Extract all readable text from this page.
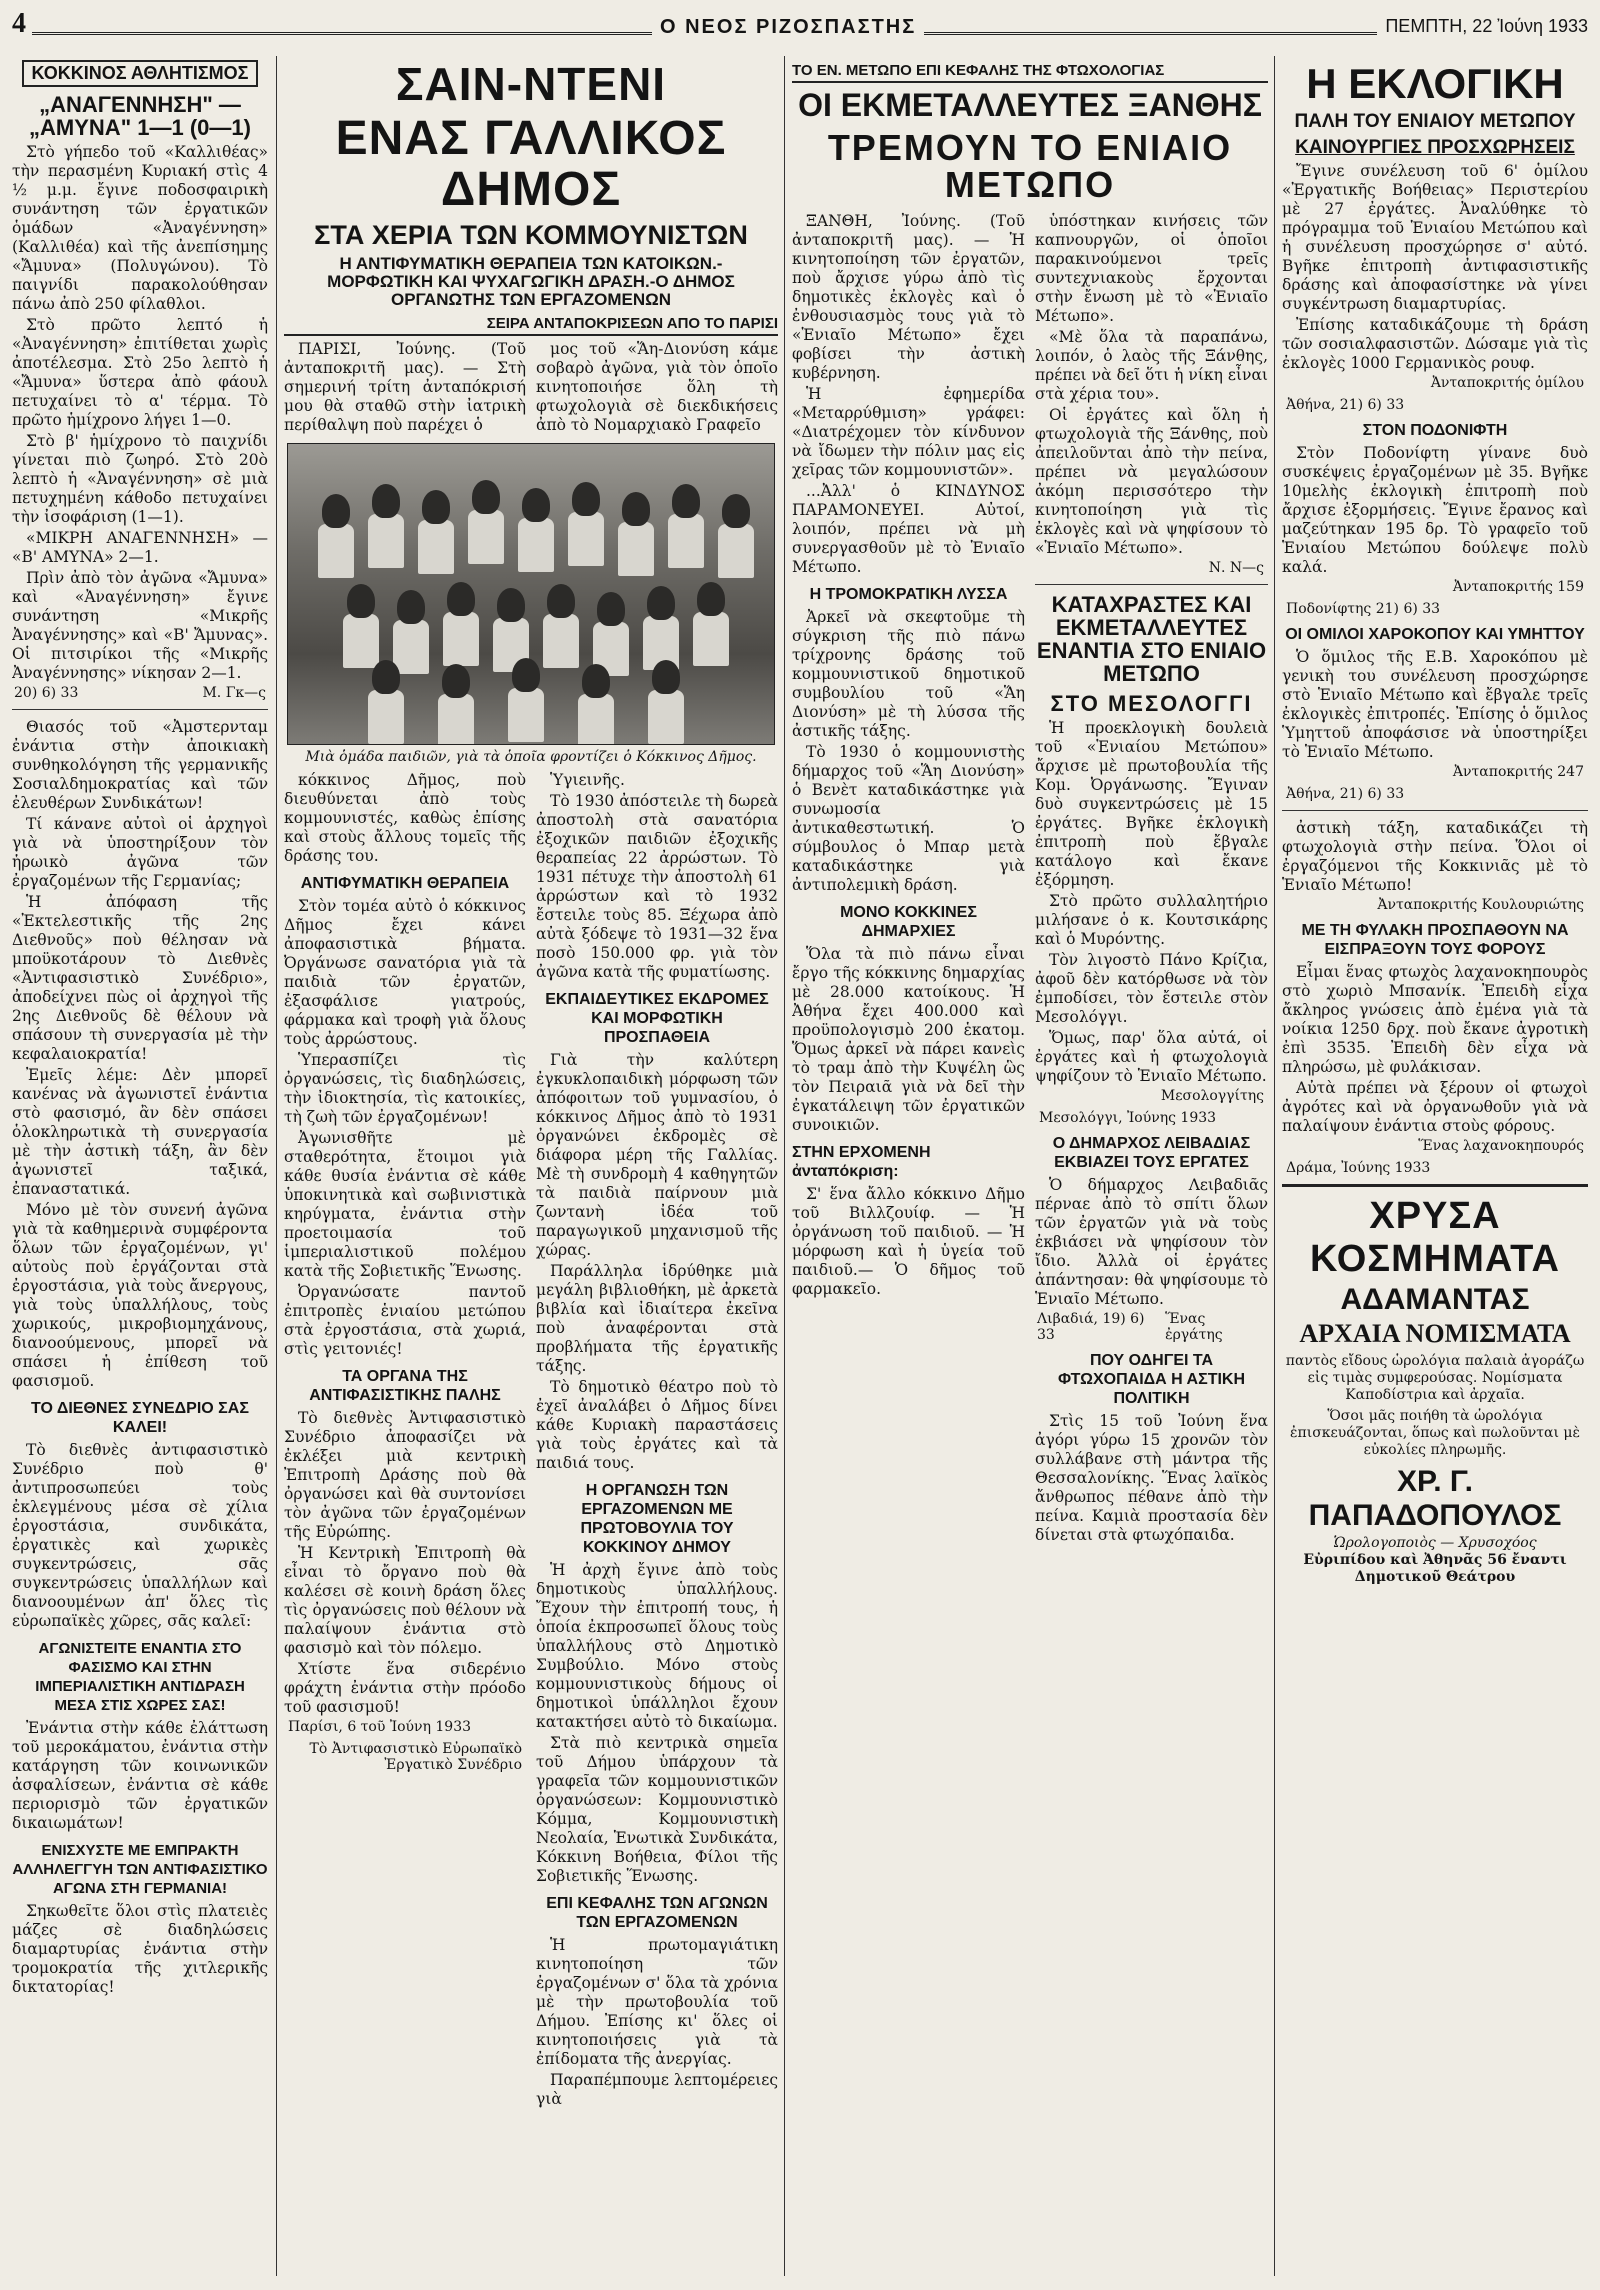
4	Ο ΝΕΟΣ ΡΙΖΟΣΠΑΣΤΗΣ	ΠΕΜΠΤΗ, 22 Ἰούνη 1933
ΚΟΚΚΙΝΟΣ ΑΘΛΗΤΙΣΜΟΣ
„ΑΝΑΓΕΝΝΗΣΗ" — „ΑΜΥΝΑ" 1—1 (0—1)

Στὸ γήπεδο τοῦ «Καλλιθέας» τὴν περασμένη Κυριακή στὶς 4 ½ μ.μ. ἔγινε ποδοσφαιρικὴ συνάντηση τῶν ἐργατικῶν ὁμάδων «Ἀναγέννηση» (Καλλιθέα) καὶ τῆς ἀνεπίσημης «Ἄμυνα» (Πολυγώνου). Τὸ παιγνίδι παρακολούθησαν πάνω ἀπὸ 250 φίλαθλοι.

Στὸ πρῶτο λεπτό ἡ «Ἀναγέννηση» ἐπιτίθεται χωρὶς ἀποτέλεσμα. Στὸ 25ο λεπτὸ ἡ «Ἄμυνα» ὕστερα ἀπὸ φάουλ πετυχαίνει τὸ α' τέρμα. Τὸ πρῶτο ἡμίχρονο λήγει 1—0.

Στὸ β' ἡμίχρονο τὸ παιχνίδι γίνεται πιὸ ζωηρό. Στὸ 20ὸ λεπτὸ ἡ «Ἀναγέννηση» σὲ μιὰ πετυχημένη κάθοδο πετυχαίνει τὴν ἰσοφάριση (1—1).

«ΜΙΚΡΗ ΑΝΑΓΕΝΝΗΣΗ» — «Β' ΑΜΥΝΑ» 2—1.

Πρὶν ἀπὸ τὸν ἀγῶνα «Ἄμυνα» καὶ «Ἀναγέννηση» ἔγινε συνάντηση «Μικρῆς Ἀναγέννησης» καὶ «Β' Ἄμυνας». Οἱ πιτσιρίκοι τῆς «Μικρῆς Ἀναγέννησης» νίκησαν 2—1.

20) 6) 33	Μ. Γκ—ς

Θιασός τοῦ «Ἀμστερνταμ ἐνάντια στὴν ἀποικιακὴ συνθηκολόγηση τῆς γερμανικῆς Σοσιαλδημοκρατίας καὶ τῶν ἐλευθέρων Συνδικάτων!

Τί κάνανε αὐτοὶ οἱ ἀρχηγοὶ γιὰ νὰ ὑποστηρίξουν τὸν ἡρωικὸ ἀγῶνα τῶν ἐργαζομένων τῆς Γερμανίας;

Ἡ ἀπόφαση τῆς «Ἐκτελεστικῆς τῆς 2ης Διεθνοῦς» ποὺ θέλησαν νὰ μποϋκοτάρουν τὸ Διεθνὲς «Ἀντιφασιστικὸ Συνέδριο», ἀποδείχνει πὼς οἱ ἀρχηγοὶ τῆς 2ης Διεθνοῦς δὲ θέλουν νὰ σπάσουν τὴ συνεργασία μὲ τὴν κεφαλαιοκρατία!

Ἐμεῖς λέμε: Δὲν μπορεῖ κανένας νὰ ἀγωνιστεῖ ἐνάντια στὸ φασισμό, ἂν δὲν σπάσει ὁλοκληρωτικὰ τὴ συνεργασία μὲ τὴν ἀστικὴ τάξη, ἂν δὲν ἀγωνιστεῖ ταξικά, ἐπαναστατικά.

Μόνο μὲ τὸν συνενή ἀγῶνα γιὰ τὰ καθημερινὰ συμφέροντα ὅλων τῶν ἐργαζομένων, γι' αὐτοὺς ποὺ ἐργάζονται στὰ ἐργοστάσια, γιὰ τοὺς ἄνεργους, γιὰ τοὺς ὑπαλλήλους, τοὺς χωρικούς, μικροβιομηχάνους, διανοούμενους, μπορεῖ νὰ σπάσει ἡ ἐπίθεση τοῦ φασισμοῦ.

ΤΟ ΔΙΕΘΝΕΣ ΣΥΝΕΔΡΙΟ ΣΑΣ ΚΑΛΕΙ!

Τὸ διεθνὲς ἀντιφασιστικὸ Συνέδριο ποὺ θ' ἀντιπροσωπεύει τοὺς ἐκλεγμένους μέσα σὲ χίλια ἐργοστάσια, συνδικάτα, ἐργατικὲς καὶ χωρικὲς συγκεντρώσεις, σᾶς συγκεντρώσεις ὑπαλλήλων καὶ διανοουμένων ἀπ' ὅλες τὶς εὐρωπαϊκὲς χῶρες, σᾶς καλεῖ:

ΑΓΩΝΙΣΤΕΙΤΕ ΕΝΑΝΤΙΑ ΣΤΟ ΦΑΣΙΣΜΟ ΚΑΙ ΣΤΗΝ ΙΜΠΕΡΙΑΛΙΣΤΙΚΗ ΑΝΤΙΔΡΑΣΗ ΜΕΣΑ ΣΤΙΣ ΧΩΡΕΣ ΣΑΣ!

Ἐνάντια στὴν κάθε ἐλάττωση τοῦ μεροκάματου, ἐνάντια στὴν κατάργηση τῶν κοινωνικῶν ἀσφαλίσεων, ἐνάντια σὲ κάθε περιορισμὸ τῶν ἐργατικῶν δικαιωμάτων!

ΕΝΙΣΧΥΣΤΕ ΜΕ ΕΜΠΡΑΚΤΗ ΑΛΛΗΛΕΓΓΥΗ ΤΩΝ ΑΝΤΙΦΑΣΙΣΤΙΚΟ ΑΓΩΝΑ ΣΤΗ ΓΕΡΜΑΝΙΑ!

Σηκωθεῖτε ὅλοι στὶς πλατειὲς μάζες σὲ διαδηλώσεις διαμαρτυρίας ἐνάντια στὴν τρομοκρατία τῆς χιτλερικῆς δικτατορίας!

ΣΑΙΝ-ΝΤΕΝΙ
ΕΝΑΣ ΓΑΛΛΙΚΟΣ ΔΗΜΟΣ
ΣΤΑ ΧΕΡΙΑ ΤΩΝ ΚΟΜΜΟΥΝΙΣΤΩΝ
Η ΑΝΤΙΦΥΜΑΤΙΚΗ ΘΕΡΑΠΕΙΑ ΤΩΝ ΚΑΤΟΙΚΩΝ.-ΜΟΡΦΩΤΙΚΗ ΚΑΙ ΨΥΧΑΓΩΓΙΚΗ ΔΡΑΣΗ.-Ο ΔΗΜΟΣ ΟΡΓΑΝΩΤΗΣ ΤΩΝ ΕΡΓΑΖΟΜΕΝΩΝ
ΣΕΙΡΑ ΑΝΤΑΠΟΚΡΙΣΕΩΝ ΑΠΟ ΤΟ ΠΑΡΙΣΙ

ΠΑΡΙΣΙ, Ἰούνης. (Τοῦ ἀνταποκριτῆ μας). — Στὴ σημερινή τρίτη ἀνταπόκρισή μου θὰ σταθῶ στὴν ἰατρικὴ περίθαλψη ποὺ παρέχει ὁ

μος τοῦ «Ἅη-Διονύση κάμε σοβαρὸ ἀγῶνα, γιὰ τὸν ὁποῖο κινητοποιήσε ὅλη τὴ φτωχολογιὰ σὲ διεκδικήσεις ἀπὸ τὸ Νομαρχιακὸ Γραφεῖο

Μιὰ ὁμάδα παιδιῶν, γιὰ τὰ ὁποῖα φροντίζει ὁ Κόκκινος Δῆμος.

κόκκινος Δῆμος, ποὺ διευθύνεται ἀπὸ τοὺς κομμουνιστές, καθὼς ἐπίσης καὶ στοὺς ἄλλους τομεῖς τῆς δράσης του.

ΑΝΤΙΦΥΜΑΤΙΚΗ ΘΕΡΑΠΕΙΑ

Στὸν τομέα αὐτὸ ὁ κόκκινος Δῆμος ἔχει κάνει ἀποφασιστικὰ βήματα. Ὀργάνωσε σανατόρια γιὰ τὰ παιδιὰ τῶν ἐργατῶν, ἐξασφάλισε γιατρούς, φάρμακα καὶ τροφὴ γιὰ ὅλους τοὺς ἀρρώστους.

Ὑπερασπίζει τὶς ὀργανώσεις, τὶς διαδηλώσεις, τὴν ἰδιοκτησία, τὶς κατοικίες, τὴ ζωὴ τῶν ἐργαζομένων!

Ἀγωνισθῆτε μὲ σταθερότητα, ἕτοιμοι γιὰ κάθε θυσία ἐνάντια σὲ κάθε ὑποκινητικὰ καὶ σωβινιστικὰ κηρύγματα, ἐνάντια στὴν προετοιμασία τοῦ ἱμπεριαλιστικοῦ πολέμου κατὰ τῆς Σοβιετικῆς Ἕνωσης.

Ὀργανώσατε παντοῦ ἐπιτροπὲς ἑνιαίου μετώπου στὰ ἐργοστάσια, στὰ χωριά, στὶς γειτονιές!

ΤΑ ΟΡΓΑΝΑ ΤΗΣ ΑΝΤΙΦΑΣΙΣΤΙΚΗΣ ΠΑΛΗΣ

Τὸ διεθνὲς Ἀντιφασιστικὸ Συνέδριο ἀποφασίζει νὰ ἐκλέξει μιὰ κεντρικὴ Ἐπιτροπὴ Δράσης ποὺ θὰ ὀργανώσει καὶ θὰ συντονίσει τὸν ἀγῶνα τῶν ἐργαζομένων τῆς Εὐρώπης.

Ἡ Κεντρικὴ Ἐπιτροπὴ θὰ εἶναι τὸ ὄργανο ποὺ θὰ καλέσει σὲ κοινὴ δράση ὅλες τὶς ὀργανώσεις ποὺ θέλουν νὰ παλαίψουν ἐνάντια στὸ φασισμὸ καὶ τὸν πόλεμο.

Χτίστε ἕνα σιδερένιο φράχτη ἐνάντια στὴν πρόοδο τοῦ φασισμοῦ!

Παρίσι, 6 τοῦ Ἰούνη 1933

Τὸ Ἀντιφασιστικὸ Εὐρωπαϊκὸ Ἐργατικὸ Συνέδριο

Ὑγιεινῆς.

Τὸ 1930 ἀπόστειλε τὴ δωρεὰ ἀποστολὴ στὰ σανατόρια ἐξοχικῶν παιδιῶν ἐξοχικῆς θεραπείας 22 ἀρρώστων. Τὸ 1931 πέτυχε τὴν ἀποστολὴ 61 ἀρρώστων καὶ τὸ 1932 ἔστειλε τοὺς 85. Ξέχωρα ἀπὸ αὐτὰ ξόδεψε τὸ 1931—32 ἕνα ποσὸ 150.000 φρ. γιὰ τὸν ἀγῶνα κατὰ τῆς φυματίωσης.

ΕΚΠΑΙΔΕΥΤΙΚΕΣ ΕΚΔΡΟΜΕΣ ΚΑΙ ΜΟΡΦΩΤΙΚΗ ΠΡΟΣΠΑΘΕΙΑ

Γιὰ τὴν καλύτερη ἐγκυκλοπαιδικὴ μόρφωση τῶν ἀπόφοιτων τοῦ γυμνασίου, ὁ κόκκινος Δῆμος ἀπὸ τὸ 1931 ὀργανώνει ἐκδρομὲς σὲ διάφορα μέρη τῆς Γαλλίας. Μὲ τὴ συνδρομὴ 4 καθηγητῶν τὰ παιδιὰ παίρνουν μιὰ ζωντανὴ ἰδέα τοῦ παραγωγικοῦ μηχανισμοῦ τῆς χώρας.

Παράλληλα ἱδρύθηκε μιὰ μεγάλη βιβλιοθήκη, μὲ ἀρκετὰ βιβλία καὶ ἰδιαίτερα ἐκεῖνα ποὺ ἀναφέρονται στὰ προβλήματα τῆς ἐργατικῆς τάξης.

Τὸ δημοτικὸ θέατρο ποὺ τὸ ἐχεῖ ἀναλάβει ὁ Δῆμος δίνει κάθε Κυριακὴ παραστάσεις γιὰ τοὺς ἐργάτες καὶ τὰ παιδιά τους.

Η ΟΡΓΑΝΩΣΗ ΤΩΝ ΕΡΓΑΖΟΜΕΝΩΝ ΜΕ ΠΡΩΤΟΒΟΥΛΙΑ ΤΟΥ ΚΟΚΚΙΝΟΥ ΔΗΜΟΥ

Ἡ ἀρχὴ ἔγινε ἀπὸ τοὺς δημοτικοὺς ὑπαλλήλους. Ἔχουν τὴν ἐπιτροπή τους, ἡ ὁποία ἐκπροσωπεῖ ὅλους τοὺς ὑπαλλήλους στὸ Δημοτικὸ Συμβούλιο. Μόνο στοὺς κομμουνιστικοὺς δήμους οἱ δημοτικοὶ ὑπάλληλοι ἔχουν κατακτήσει αὐτὸ τὸ δικαίωμα.

Στὰ πιὸ κεντρικὰ σημεῖα τοῦ Δήμου ὑπάρχουν τὰ γραφεῖα τῶν κομμουνιστικῶν ὀργανώσεων: Κομμουνιστικὸ Κόμμα, Κομμουνιστικὴ Νεολαία, Ἑνωτικὰ Συνδικάτα, Κόκκινη Βοήθεια, Φίλοι τῆς Σοβιετικῆς Ἕνωσης.

ΕΠΙ ΚΕΦΑΛΗΣ ΤΩΝ ΑΓΩΝΩΝ ΤΩΝ ΕΡΓΑΖΟΜΕΝΩΝ

Ἡ πρωτομαγιάτικη κινητοποίηση τῶν ἐργαζομένων σ' ὅλα τὰ χρόνια μὲ τὴν πρωτοβουλία τοῦ Δήμου. Ἐπίσης κι' ὅλες οἱ κινητοποιήσεις γιὰ τὰ ἐπίδοματα τῆς ἀνεργίας.

Παραπέμπουμε λεπτομέρειες γιὰ

ΤΟ ΕΝ. ΜΕΤΩΠΟ ΕΠΙ ΚΕΦΑΛΗΣ ΤΗΣ ΦΤΩΧΟΛΟΓΙΑΣ
ΟΙ ΕΚΜΕΤΑΛΛΕΥΤΕΣ ΞΑΝΘΗΣ
ΤΡΕΜΟΥΝ ΤΟ ΕΝΙΑΙΟ ΜΕΤΩΠΟ

ΞΑΝΘΗ, Ἰούνης. (Τοῦ ἀνταποκριτῆ μας). — Ἡ κινητοποίηση τῶν ἐργατῶν, ποὺ ἄρχισε γύρω ἀπὸ τὶς δημοτικὲς ἐκλογὲς καὶ ὁ ἐνθουσιασμὸς τους γιὰ τὸ «Ἑνιαῖο Μέτωπο» ἔχει φοβίσει τὴν ἀστικὴ κυβέρνηση.

Ἡ ἐφημερίδα «Μεταρρύθμιση» γράφει: «Διατρέχομεν τὸν κίνδυνον νὰ ἴδωμεν τὴν πόλιν μας εἰς χεῖρας τῶν κομμουνιστῶν».

...Ἀλλ' ὁ ΚΙΝΔΥΝΟΣ ΠΑΡΑΜΟΝΕΥΕΙ. Αὐτοί, λοιπόν, πρέπει νὰ μὴ συνεργασθοῦν μὲ τὸ Ἑνιαῖο Μέτωπο.

Η ΤΡΟΜΟΚΡΑΤΙΚΗ ΛΥΣΣΑ

Ἀρκεῖ νὰ σκεφτοῦμε τὴ σύγκριση τῆς πιὸ πάνω τρίχρονης δράσης τοῦ κομμουνιστικοῦ δημοτικοῦ συμβουλίου τοῦ «Ἅη Διονύση» μὲ τὴ λύσσα τῆς ἀστικῆς τάξης.

Τὸ 1930 ὁ κομμουνιστὴς δήμαρχος τοῦ «Ἅη Διονύση» ὁ Βενὲτ καταδικάστηκε γιὰ συνωμοσία ἀντικαθεστωτική. Ὁ σύμβουλος ὁ Μπαρ μετὰ καταδικάστηκε γιὰ ἀντιπολεμικὴ δράση.

ΜΟΝΟ ΚΟΚΚΙΝΕΣ ΔΗΜΑΡΧΙΕΣ

Ὅλα τὰ πιὸ πάνω εἶναι ἔργο τῆς κόκκινης δημαρχίας μὲ 28.000 κατοίκους. Ἡ Ἀθήνα ἔχει 400.000 καὶ προϋπολογισμὸ 200 ἑκατομ. Ὅμως ἀρκεῖ νὰ πάρει κανεὶς τὸ τραμ ἀπὸ τὴν Κυψέλη ὣς τὸν Πειραιᾶ γιὰ νὰ δεῖ τὴν ἐγκατάλειψη τῶν ἐργατικῶν συνοικιῶν.

ΣΤΗΝ ΕΡΧΟΜΕΝΗ ἀνταπόκριση:

Σ' ἕνα ἄλλο κόκκινο Δῆμο τοῦ Βιλλζουίφ. — Ἡ ὀργάνωση τοῦ παιδιοῦ. — Ἡ μόρφωση καὶ ἡ ὑγεία τοῦ παιδιοῦ.— Ὁ δῆμος τοῦ φαρμακεῖο.

ὑπόστηκαν κινήσεις τῶν καπνουργῶν, οἱ ὁποῖοι παρακινούμενοι τρεῖς συντεχνιακοὺς ἔρχονται στὴν ἔνωση μὲ τὸ «Ἑνιαῖο Μέτωπο».

«Μὲ ὅλα τὰ παραπάνω, λοιπόν, ὁ λαὸς τῆς Ξάνθης, πρέπει νὰ δεῖ ὅτι ἡ νίκη εἶναι στὰ χέρια του».

Οἱ ἐργάτες καὶ ὅλη ἡ φτωχολογιὰ τῆς Ξάνθης, ποὺ ἀπειλοῦνται ἀπὸ τὴν πείνα, πρέπει νὰ μεγαλώσουν ἀκόμη περισσότερο τὴν κινητοποίηση γιὰ τὶς ἐκλογὲς καὶ νὰ ψηφίσουν τὸ «Ἑνιαῖο Μέτωπο».

Ν. Ν—ς

ΚΑΤΑΧΡΑΣΤΕΣ ΚΑΙ ΕΚΜΕΤΑΛΛΕΥΤΕΣ ΕΝΑΝΤΙΑ ΣΤΟ ΕΝΙΑΙΟ ΜΕΤΩΠΟ
ΣΤΟ ΜΕΣΟΛΟΓΓΙ

Ἡ προεκλογικὴ δουλειὰ τοῦ «Ἑνιαίου Μετώπου» ἄρχισε μὲ πρωτοβουλία τῆς Κομ. Ὀργάνωσης. Ἔγιναν δυὸ συγκεντρώσεις μὲ 15 ἐργάτες. Βγῆκε ἐκλογικὴ ἐπιτροπὴ ποὺ ἔβγαλε κατάλογο καὶ ἔκανε ἐξόρμηση.

Στὸ πρῶτο συλλαλητήριο μιλήσανε ὁ κ. Κουτσικάρης καὶ ὁ Μυρόντης.

Τὸν λιγοστὸ Πάνο Κρίζια, ἀφοῦ δὲν κατόρθωσε νὰ τὸν ἐμποδίσει, τὸν ἔστειλε στὸν Μεσολόγγι.

Ὅμως, παρ' ὅλα αὐτά, οἱ ἐργάτες καὶ ἡ φτωχολογιὰ ψηφίζουν τὸ Ἑνιαῖο Μέτωπο.

Μεσολογγίτης

Μεσολόγγι, Ἰούνης 1933

Ο ΔΗΜΑΡΧΟΣ ΛΕΙΒΑΔΙΑΣ ΕΚΒΙΑΖΕΙ ΤΟΥΣ ΕΡΓΑΤΕΣ

Ὁ δήμαρχος Λειβαδιᾶς πέρναε ἀπὸ τὸ σπίτι ὅλων τῶν ἐργατῶν γιὰ νὰ τοὺς ἐκβιάσει νὰ ψηφίσουν τὸν ἴδιο. Ἀλλὰ οἱ ἐργάτες ἀπάντησαν: θὰ ψηφίσουμε τὸ Ἑνιαῖο Μέτωπο.

Λιβαδιά, 19) 6) 33
Ἕνας ἐργάτης
ΠΟΥ ΟΔΗΓΕΙ ΤΑ ΦΤΩΧΟΠΑΙΔΑ Η ΑΣΤΙΚΗ ΠΟΛΙΤΙΚΗ

Στὶς 15 τοῦ Ἰούνη ἕνα ἀγόρι γύρω 15 χρονῶν τὸν συλλάβανε στὴ μάντρα τῆς Θεσσαλονίκης. Ἕνας λαϊκὸς ἄνθρωπος πέθανε ἀπὸ τὴν πείνα. Καμιὰ προστασία δὲν δίνεται στὰ φτωχόπαιδα.

Η ΕΚΛΟΓΙΚΗ
ΠΑΛΗ ΤΟΥ ΕΝΙΑΙΟΥ ΜΕΤΩΠΟΥ
ΚΑΙΝΟΥΡΓΙΕΣ ΠΡΟΣΧΩΡΗΣΕΙΣ

Ἔγινε συνέλευση τοῦ 6' ὁμίλου «Ἐργατικῆς Βοήθειας» Περιστερίου μὲ 27 ἐργάτες. Ἀναλύθηκε τὸ πρόγραμμα τοῦ Ἑνιαίου Μετώπου καὶ ἡ συνέλευση προσχώρησε σ' αὐτό. Βγῆκε ἐπιτροπὴ ἀντιφασιστικῆς δράσης καὶ ἀποφασίστηκε νὰ γίνει συγκέντρωση διαμαρτυρίας.

Ἐπίσης καταδικάζουμε τὴ δράση τῶν σοσιαλφασιστῶν. Δώσαμε γιὰ τὶς ἐκλογὲς 1000 Γερμανικὸς ρουφ.

Ἀνταποκριτής ὁμίλου

Ἀθήνα, 21) 6) 33

ΣΤΟΝ ΠΟΔΟΝΙΦΤΗ

Στὸν Ποδονίφτη γίνανε δυὸ συσκέψεις ἐργαζομένων μὲ 35. Βγῆκε 10μελὴς ἐκλογικὴ ἐπιτροπὴ ποὺ ἄρχισε ἐξορμήσεις. Ἔγινε ἔρανος καὶ μαζεύτηκαν 195 δρ. Τὸ γραφεῖο τοῦ Ἑνιαίου Μετώπου δούλεψε πολὺ καλά.

Ἀνταποκριτής 159

Ποδονίφτης 21) 6) 33

ΟΙ ΟΜΙΛΟΙ ΧΑΡΟΚΟΠΟΥ ΚΑΙ ΥΜΗΤΤΟΥ

Ὁ ὅμιλος τῆς Ε.Β. Χαροκόπου μὲ γενικὴ του συνέλευση προσχώρησε στὸ Ἑνιαῖο Μέτωπο καὶ ἔβγαλε τρεῖς ἐκλογικὲς ἐπιτροπές. Ἐπίσης ὁ ὅμιλος Ὑμηττοῦ ἀποφάσισε νὰ ὑποστηρίξει τὸ Ἑνιαῖο Μέτωπο.

Ἀνταποκριτής 247

Ἀθήνα, 21) 6) 33

ἀστικὴ τάξη, καταδικάζει τὴ φτωχολογιὰ στὴν πείνα. Ὅλοι οἱ ἐργαζόμενοι τῆς Κοκκινιᾶς μὲ τὸ Ἑνιαῖο Μέτωπο!

Ἀνταποκριτής Κουλουριώτης

ΜΕ ΤΗ ΦΥΛΑΚΗ ΠΡΟΣΠΑΘΟΥΝ ΝΑ ΕΙΣΠΡΑΞΟΥΝ ΤΟΥΣ ΦΟΡΟΥΣ

Εἶμαι ἕνας φτωχὸς λαχανοκηπουρὸς στὸ χωριὸ Μπσανίκ. Ἐπειδὴ εἶχα ἄκληρος γνώσεις ἀπὸ ἐμένα γιὰ τὰ νοίκια 1250 δρχ. ποὺ ἔκανε ἀγροτικὴ ἐπὶ 3535. Ἐπειδὴ δὲν εἶχα νὰ πληρώσω, μὲ φυλάκισαν.

Αὐτὰ πρέπει νὰ ξέρουν οἱ φτωχοὶ ἀγρότες καὶ νὰ ὀργανωθοῦν γιὰ νὰ παλαίψουν ἐνάντια στοὺς φόρους.

Ἕνας λαχανοκηπουρός

Δράμα, Ἰούνης 1933

ΧΡΥΣΑ ΚΟΣΜΗΜΑΤΑ
ΑΔΑΜΑΝΤΑΣ
ΑΡΧΑΙΑ ΝΟΜΙΣΜΑΤΑ
παντὸς εἴδους ὡρολόγια παλαιὰ ἀγοράζω εἰς τιμὰς συμφερούσας. Νομίσματα Καποδίστρια καὶ ἀρχαῖα.
Ὅσοι μᾶς ποιήθη τὰ ὡρολόγια ἐπισκευάζονται, ὅπως καὶ πωλοῦνται μὲ εὐκολίες πληρωμῆς.
ΧΡ. Γ. ΠΑΠΑΔΟΠΟΥΛΟΣ
Ὡρολογοποιὸς — Χρυσοχόος
Εὐριπίδου καὶ Ἀθηνᾶς 56 ἔναντι Δημοτικοῦ Θεάτρου
